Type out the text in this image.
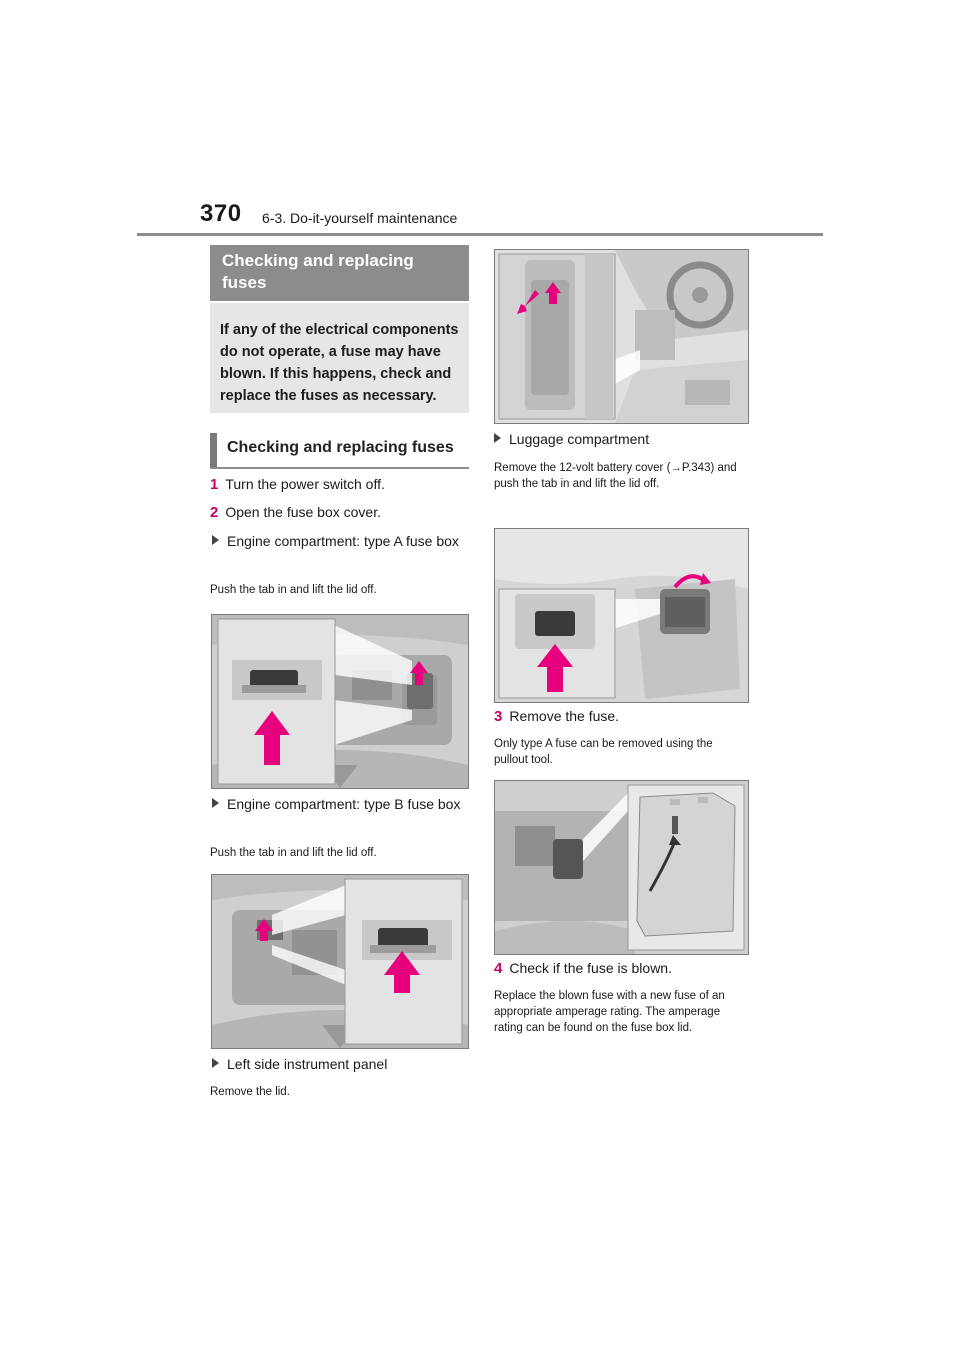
370 6-3. Do-it-yourself maintenance
Checking and replacing fuses
If any of the electrical components do not operate, a fuse may have blown. If this happens, check and replace the fuses as necessary.
Checking and replacing fuses
1 Turn the power switch off.
2 Open the fuse box cover.
Engine compartment: type A fuse box
Push the tab in and lift the lid off.
Engine compartment: type B fuse box
Push the tab in and lift the lid off.
Left side instrument panel
Remove the lid.
Luggage compartment
Remove the 12-volt battery cover (→P.343) and push the tab in and lift the lid off.
3 Remove the fuse.
Only type A fuse can be removed using the pullout tool.
4 Check if the fuse is blown.
Replace the blown fuse with a new fuse of an appropriate amperage rating. The amperage rating can be found on the fuse box lid.
